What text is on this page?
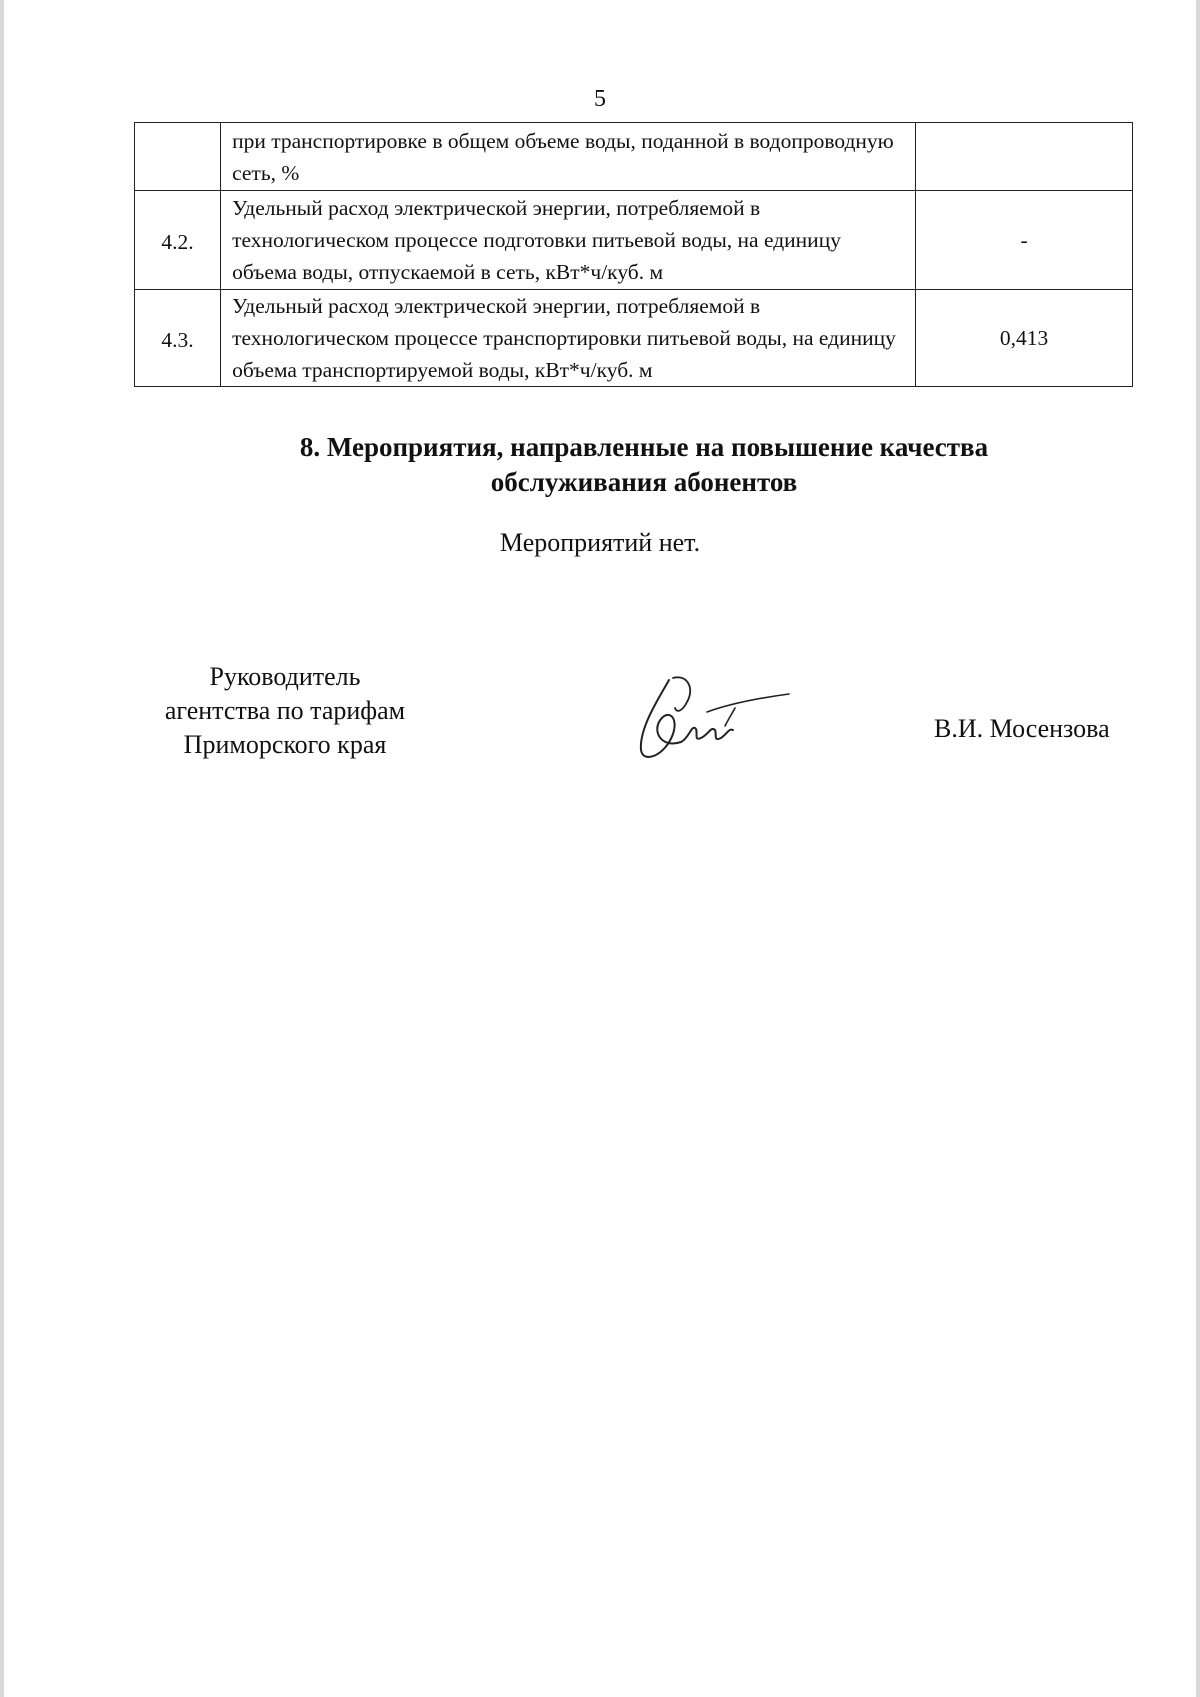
5
	при транспортировке в общем объеме воды, поданной в водопроводную сеть, %	
4.2.	Удельный расход электрической энергии, потребляемой в технологическом процессе подготовки питьевой воды, на единицу объема воды, отпускаемой в сеть, кВт*ч/куб. м	-
4.3.	Удельный расход электрической энергии, потребляемой в технологическом процессе транспортировки питьевой воды, на единицу объема транспортируемой воды, кВт*ч/куб. м	0,413
8. Мероприятия, направленные на повышение качества
обслуживания абонентов
Мероприятий нет.
Руководитель
агентства по тарифам
Приморского края
В.И. Мосензова
